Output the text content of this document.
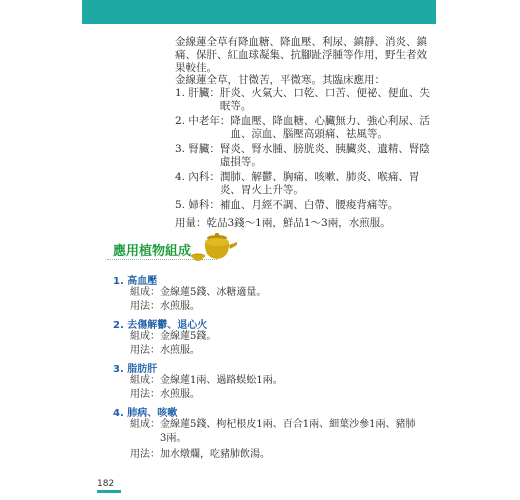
金線蓮全草有降血糖、降血壓、利尿、鎮靜、消炎、鎮痛、保肝、紅血球凝集、抗腳趾浮腫等作用，野生者效果較佳。

金線蓮全草，甘微苦，平微寒。其臨床應用：

1. 肝臟： 肝炎、火氣大、口乾、口苦、便祕、便血、失眠等。
2. 中老年： 降血壓、降血糖、心臟無力、強心利尿、活血、涼血、腦壓高頭痛、祛風等。
3. 腎臟： 腎炎、腎水腫、膀胱炎、胰臟炎、遺精、腎陰虛損等。
4. 內科： 潤肺、解鬱、胸痛、咳嗽、肺炎、喉痛、胃炎、胃火上升等。
5. 婦科： 補血、月經不調、白帶、腰痠背痛等。

用量：乾品3錢～1兩，鮮品1～3兩，水煎服。

應用植物組成

1. 高血壓

組成：金線蓮5錢、冰糖適量。

用法：水煎服。

2. 去傷解鬱、退心火

組成：金線蓮5錢。

用法：水煎服。

3. 脂肪肝

組成：金線蓮1兩、過路蜈蚣1兩。

用法：水煎服。

4. 肺病、咳嗽

組成：金線蓮5錢、枸杞根皮1兩、百合1兩、細葉沙參1兩、豬肺

3兩。

用法：加水燉爛，吃豬肺飲湯。

182
